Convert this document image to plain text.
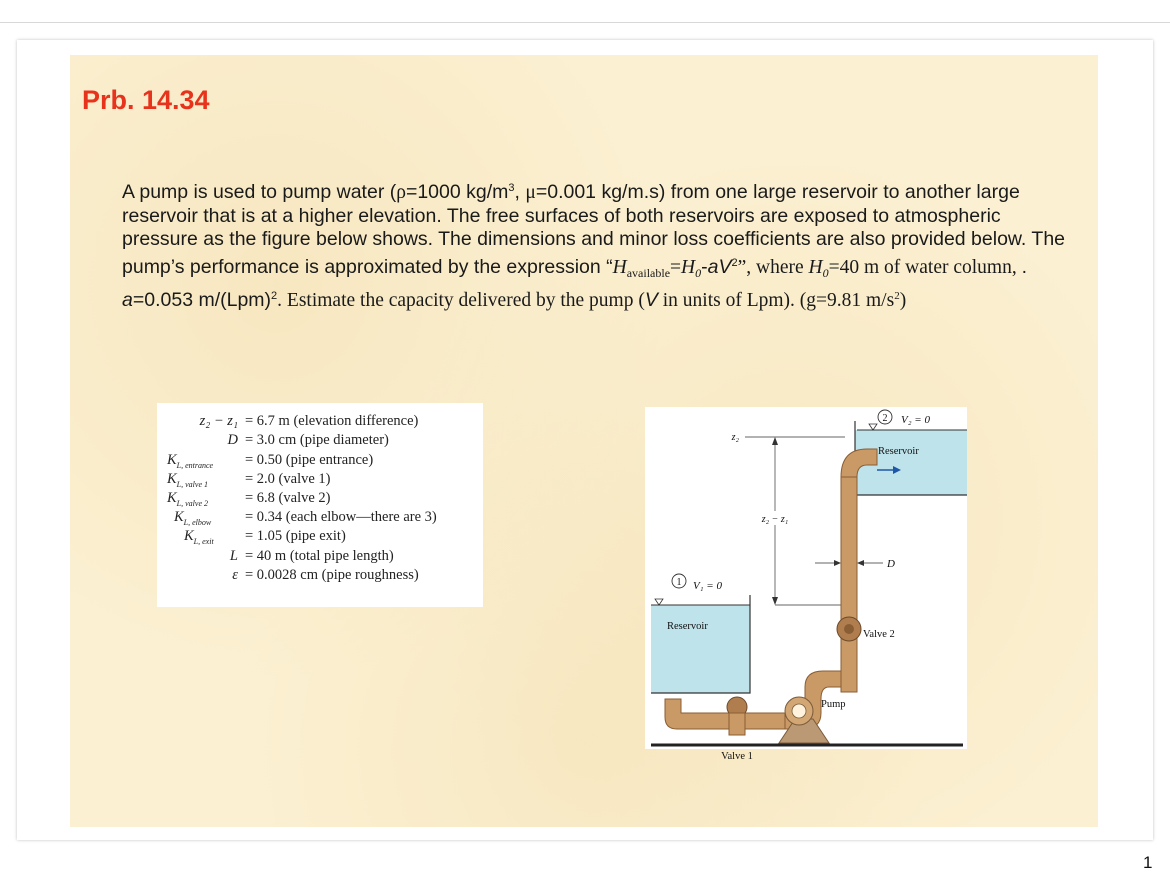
Prb. 14.34

A pump is used to pump water (ρ=1000 $kg/m^3$, μ=0.001 kg/m.s) from one large reservoir to another large reservoir that is at a higher elevation. The free surfaces of both reservoirs are exposed to atmospheric pressure as the figure below shows. The dimensions and minor loss coefficients are also provided below. The pump’s performance is approximated by the expression “$H_{available}=H_0-aV^2$”, where $H_0=40$ m of water column, . a=0.053 m/(Lpm)$^2$. Estimate the capacity delivered by the pump (V in units of Lpm). (g=9.81 $m/s^2$)

z₂ − z₁ = 6.7 m (elevation difference)
D = 3.0 cm (pipe diameter)
$K_{L, entrance} = 0.50$ (pipe entrance)
$K_{L, valve 1}$	= 2.0 (valve 1)
$K_{L, valve 2}$	= 6.8 (valve 2)
$K_{L, elbow} = 0.34$ (each elbow—there are 3)
$K_{L, exit} = 1.05$ (pipe exit)
L = 40 m (total pipe length)
ε = 0.0028 cm (pipe roughness)
Reservoir
2 V₂ = 0
Reservoir
1 V₁ = 0
z₂
z₂ − z₁
Valve 2
Valve 1
Pump
D
1
